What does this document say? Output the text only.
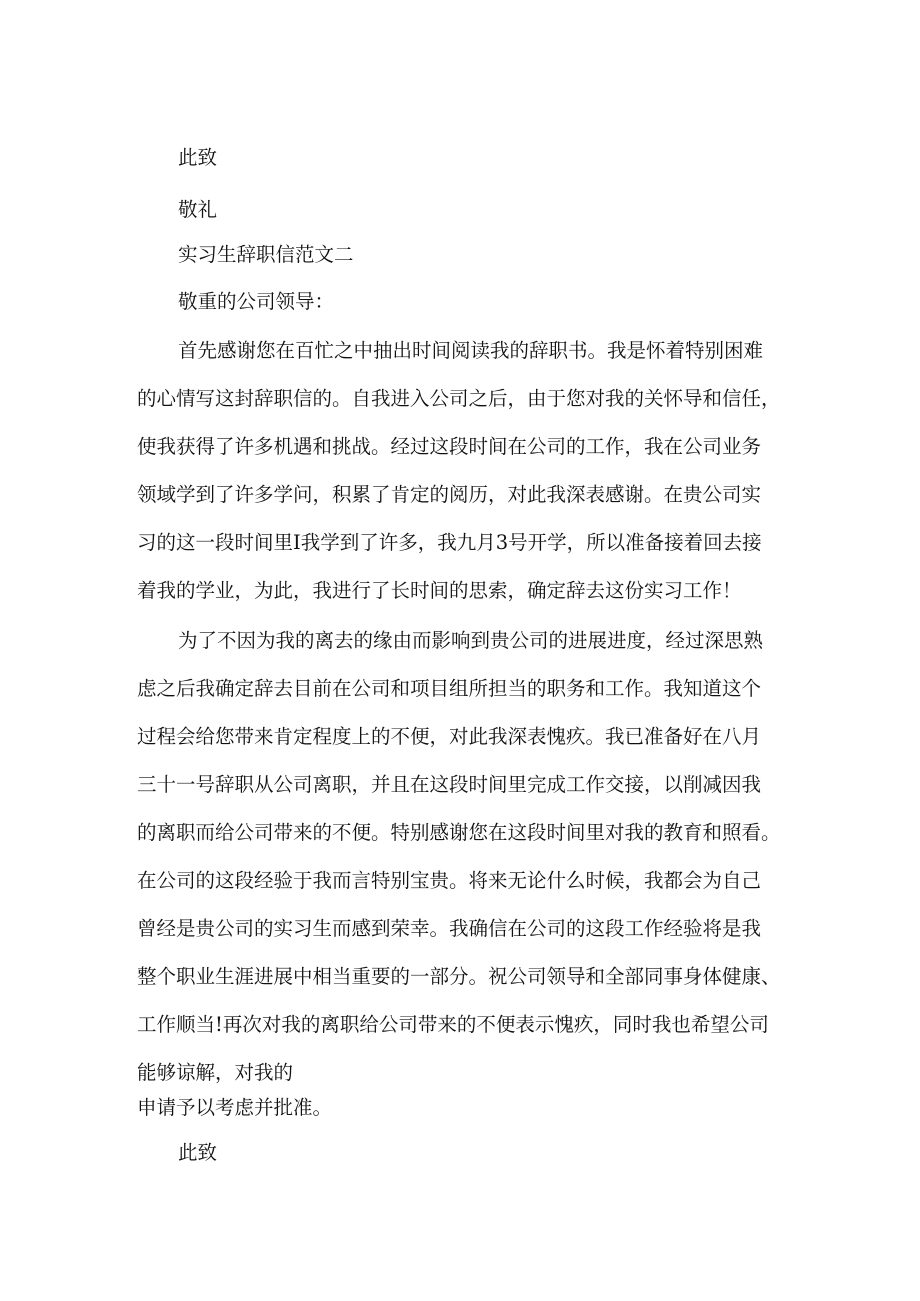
此致
敬礼
实习生辞职信范文二
敬重的公司领导：
首先感谢您在百忙之中抽出时间阅读我的辞职书。我是怀着特别困难
的心情写这封辞职信的。自我进入公司之后，由于您对我的关怀导和信任，
使我获得了许多机遇和挑战。经过这段时间在公司的工作，我在公司业务
领域学到了许多学问，积累了肯定的阅历，对此我深表感谢。在贵公司实
习的这一段时间里I我学到了许多，我九月3号开学，所以准备接着回去接
着我的学业，为此，我进行了长时间的思索，确定辞去这份实习工作！
为了不因为我的离去的缘由而影响到贵公司的进展进度，经过深思熟
虑之后我确定辞去目前在公司和项目组所担当的职务和工作。我知道这个
过程会给您带来肯定程度上的不便，对此我深表愧疚。我已准备好在八月
三十一号辞职从公司离职，并且在这段时间里完成工作交接，以削减因我
的离职而给公司带来的不便。特别感谢您在这段时间里对我的教育和照看。
在公司的这段经验于我而言特别宝贵。将来无论什么时候，我都会为自己
曾经是贵公司的实习生而感到荣幸。我确信在公司的这段工作经验将是我
整个职业生涯进展中相当重要的一部分。祝公司领导和全部同事身体健康、
工作顺当!再次对我的离职给公司带来的不便表示愧疚，同时我也希望公司
能够谅解，对我的
申请予以考虑并批准。
此致
